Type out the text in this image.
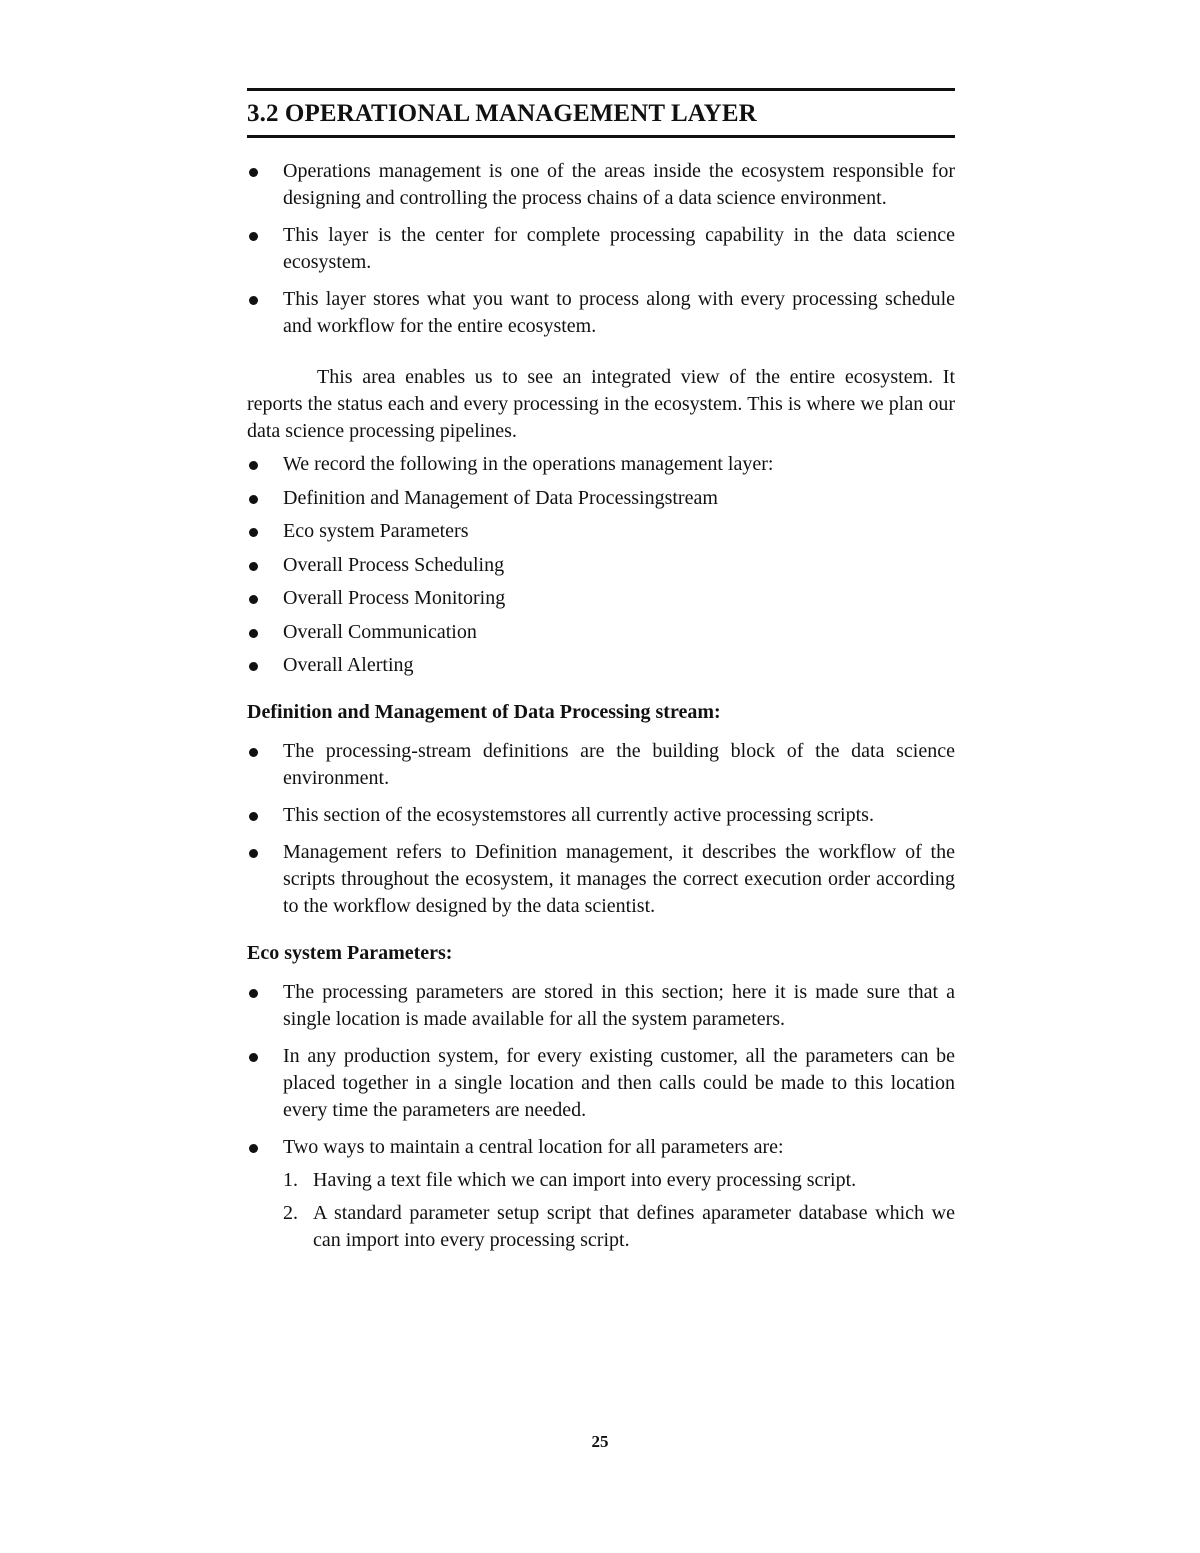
3.2 OPERATIONAL MANAGEMENT LAYER
Operations management is one of the areas inside the ecosystem responsible for designing and controlling the process chains of a data science environment.
This layer is the center for complete processing capability in the data science ecosystem.
This layer stores what you want to process along with every processing schedule and workflow for the entire ecosystem.

This area enables us to see an integrated view of the entire ecosystem. It reports the status each and every processing in the ecosystem. This is where we plan our data science processing pipelines.

We record the following in the operations management layer:
Definition and Management of Data Processingstream
Eco system Parameters
Overall Process Scheduling
Overall Process Monitoring
Overall Communication
Overall Alerting
Definition and Management of Data Processing stream:
The processing-stream definitions are the building block of the data science environment.
This section of the ecosystemstores all currently active processing scripts.
Management refers to Definition management, it describes the workflow of the scripts throughout the ecosystem, it manages the correct execution order according to the workflow designed by the data scientist.
Eco system Parameters:
The processing parameters are stored in this section; here it is made sure that a single location is made available for all the system parameters.
In any production system, for every existing customer, all the parameters can be placed together in a single location and then calls could be made to this location every time the parameters are needed.
Two ways to maintain a central location for all parameters are:
1. Having a text file which we can import into every processing script.
2. A standard parameter setup script that defines aparameter database which we can import into every processing script.
25
